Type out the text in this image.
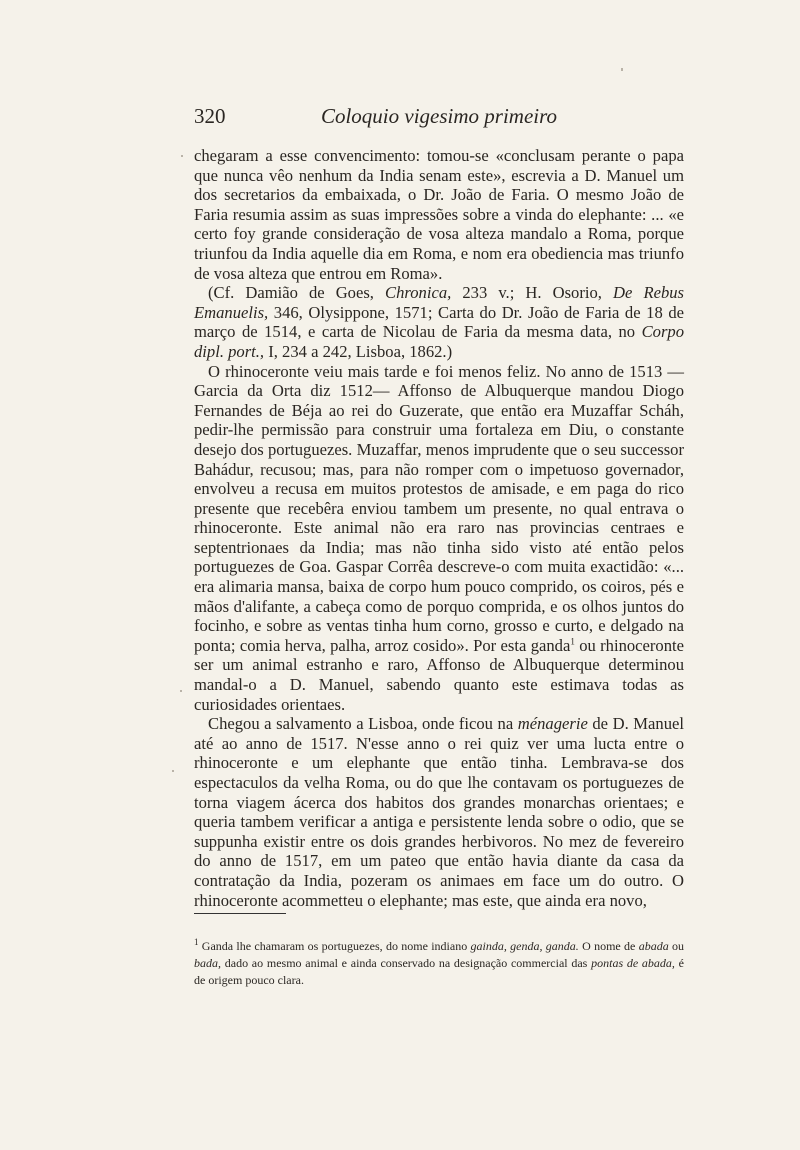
320	Coloquio vigesimo primeiro

chegaram a esse convencimento: tomou-se «conclusam perante o papa que nunca vêo nenhum da India senam este», escrevia a D. Manuel um dos secretarios da embaixada, o Dr. João de Faria. O mesmo João de Faria resumia assim as suas impressões sobre a vinda do elephante: ... «e certo foy grande consideração de vosa alteza mandalo a Roma, porque triunfou da India aquelle dia em Roma, e nom era obediencia mas triunfo de vosa alteza que entrou em Roma».

(Cf. Damião de Goes, Chronica, 233 v.; H. Osorio, De Rebus Emanuelis, 346, Olysippone, 1571; Carta do Dr. João de Faria de 18 de março de 1514, e carta de Nicolau de Faria da mesma data, no Corpo dipl. port., I, 234 a 242, Lisboa, 1862.)

O rhinoceronte veiu mais tarde e foi menos feliz. No anno de 1513 —Garcia da Orta diz 1512— Affonso de Albuquerque mandou Diogo Fernandes de Béja ao rei do Guzerate, que então era Muzaffar Scháh, pedir-lhe permissão para construir uma fortaleza em Diu, o constante desejo dos portuguezes. Muzaffar, menos imprudente que o seu successor Bahádur, recusou; mas, para não romper com o impetuoso governador, envolveu a recusa em muitos protestos de amisade, e em paga do rico presente que recebêra enviou tambem um presente, no qual entrava o rhinoceronte. Este animal não era raro nas provincias centraes e septentrionaes da India; mas não tinha sido visto até então pelos portuguezes de Goa. Gaspar Corrêa descreve-o com muita exactidão: «... era alimaria mansa, baixa de corpo hum pouco comprido, os coiros, pés e mãos d'alifante, a cabeça como de porquo comprida, e os olhos juntos do focinho, e sobre as ventas tinha hum corno, grosso e curto, e delgado na ponta; comia herva, palha, arroz cosido». Por esta ganda$^1$ ou rhinoceronte ser um animal estranho e raro, Affonso de Albuquerque determinou mandal-o a D. Manuel, sabendo quanto este estimava todas as curiosidades orientaes.

Chegou a salvamento a Lisboa, onde ficou na ménagerie de D. Manuel até ao anno de 1517. N'esse anno o rei quiz ver uma lucta entre o rhinoceronte e um elephante que então tinha. Lembrava-se dos espectaculos da velha Roma, ou do que lhe contavam os portuguezes de torna viagem ácerca dos habitos dos grandes monarchas orientaes; e queria tambem verificar a antiga e persistente lenda sobre o odio, que se suppunha existir entre os dois grandes herbivoros. No mez de fevereiro do anno de 1517, em um pateo que então havia diante da casa da contratação da India, pozeram os animaes em face um do outro. O rhinoceronte acommetteu o elephante; mas este, que ainda era novo,

$^1$ Ganda lhe chamaram os portuguezes, do nome indiano gainda, genda, ganda. O nome de abada ou bada, dado ao mesmo animal e ainda conservado na designação commercial das pontas de abada, é de origem pouco clara.
